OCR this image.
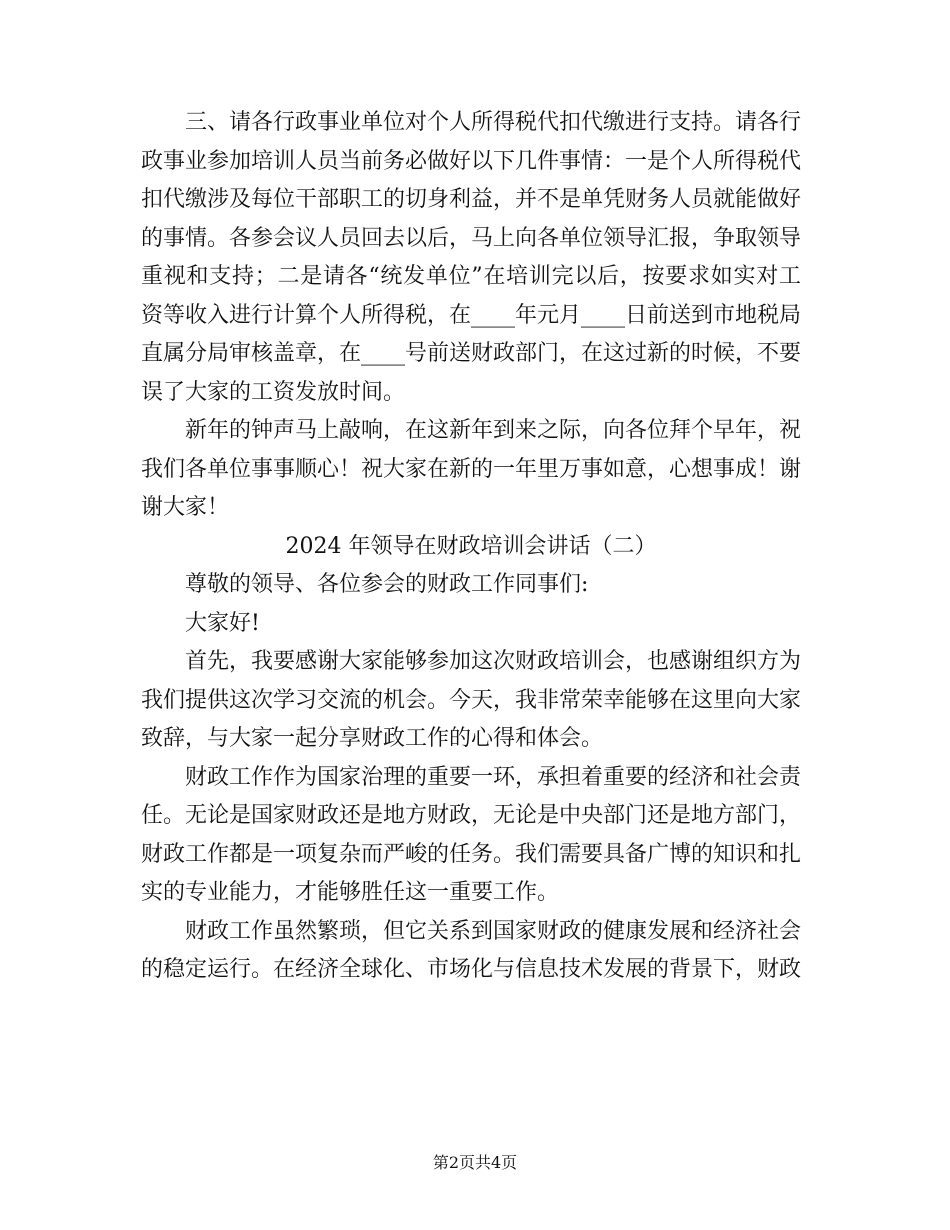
三、请各行政事业单位对个人所得税代扣代缴进行支持。请各行政事业参加培训人员当前务必做好以下几件事情：一是个人所得税代扣代缴涉及每位干部职工的切身利益，并不是单凭财务人员就能做好的事情。各参会议人员回去以后，马上向各单位领导汇报，争取领导重视和支持；二是请各“统发单位”在培训完以后，按要求如实对工资等收入进行计算个人所得税，在____年元月____日前送到市地税局直属分局审核盖章，在____号前送财政部门，在这过新的时候，不要误了大家的工资发放时间。

新年的钟声马上敲响，在这新年到来之际，向各位拜个早年，祝我们各单位事事顺心！祝大家在新的一年里万事如意，心想事成！谢谢大家！

2024 年领导在财政培训会讲话（二）

尊敬的领导、各位参会的财政工作同事们:

大家好!

首先，我要感谢大家能够参加这次财政培训会，也感谢组织方为我们提供这次学习交流的机会。今天，我非常荣幸能够在这里向大家致辞，与大家一起分享财政工作的心得和体会。

财政工作作为国家治理的重要一环，承担着重要的经济和社会责任。无论是国家财政还是地方财政，无论是中央部门还是地方部门，财政工作都是一项复杂而严峻的任务。我们需要具备广博的知识和扎实的专业能力，才能够胜任这一重要工作。

财政工作虽然繁琐，但它关系到国家财政的健康发展和经济社会的稳定运行。在经济全球化、市场化与信息技术发展的背景下，财政

第2页共4页
